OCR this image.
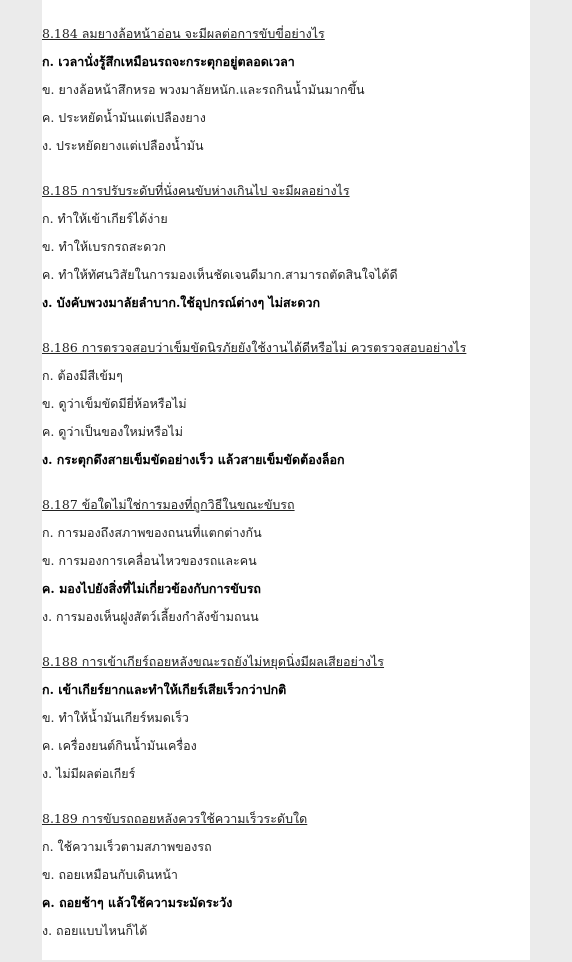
8.184 ลมยางล้อหน้าอ่อน จะมีผลต่อการขับขี่อย่างไร
ก. เวลานั่งรู้สึกเหมือนรถจะกระตุกอยู่ตลอดเวลา
ข. ยางล้อหน้าสึกหรอ พวงมาลัยหนัก.และรถกินน้ำมันมากขึ้น
ค. ประหยัดน้ำมันแต่เปลืองยาง
ง. ประหยัดยางแต่เปลืองน้ำมัน
8.185 การปรับระดับที่นั่งคนขับห่างเกินไป จะมีผลอย่างไร
ก. ทำให้เข้าเกียร์ได้ง่าย
ข. ทำให้เบรกรถสะดวก
ค. ทำให้ทัศนวิสัยในการมองเห็นชัดเจนดีมาก.สามารถตัดสินใจได้ดี
ง. บังคับพวงมาลัยลำบาก.ใช้อุปกรณ์ต่างๆ ไม่สะดวก
8.186 การตรวจสอบว่าเข็มขัดนิรภัยยังใช้งานได้ดีหรือไม่ ควรตรวจสอบอย่างไร
ก. ต้องมีสีเข้มๆ
ข. ดูว่าเข็มขัดมียี่ห้อหรือไม่
ค. ดูว่าเป็นของใหม่หรือไม่
ง. กระตุกดึงสายเข็มขัดอย่างเร็ว แล้วสายเข็มขัดต้องล็อก
8.187 ข้อใดไม่ใช่การมองที่ถูกวิธีในขณะขับรถ
ก. การมองถึงสภาพของถนนที่แตกต่างกัน
ข. การมองการเคลื่อนไหวของรถและคน
ค. มองไปยังสิ่งที่ไม่เกี่ยวข้องกับการขับรถ
ง. การมองเห็นฝูงสัตว์เลี้ยงกำลังข้ามถนน
8.188 การเข้าเกียร์ถอยหลังขณะรถยังไม่หยุดนิ่งมีผลเสียอย่างไร
ก. เข้าเกียร์ยากและทำให้เกียร์เสียเร็วกว่าปกติ
ข. ทำให้น้ำมันเกียร์หมดเร็ว
ค. เครื่องยนต์กินน้ำมันเครื่อง
ง. ไม่มีผลต่อเกียร์
8.189 การขับรถถอยหลังควรใช้ความเร็วระดับใด
ก. ใช้ความเร็วตามสภาพของรถ
ข. ถอยเหมือนกับเดินหน้า
ค. ถอยช้าๆ แล้วใช้ความระมัดระวัง
ง. ถอยแบบไหนก็ได้
